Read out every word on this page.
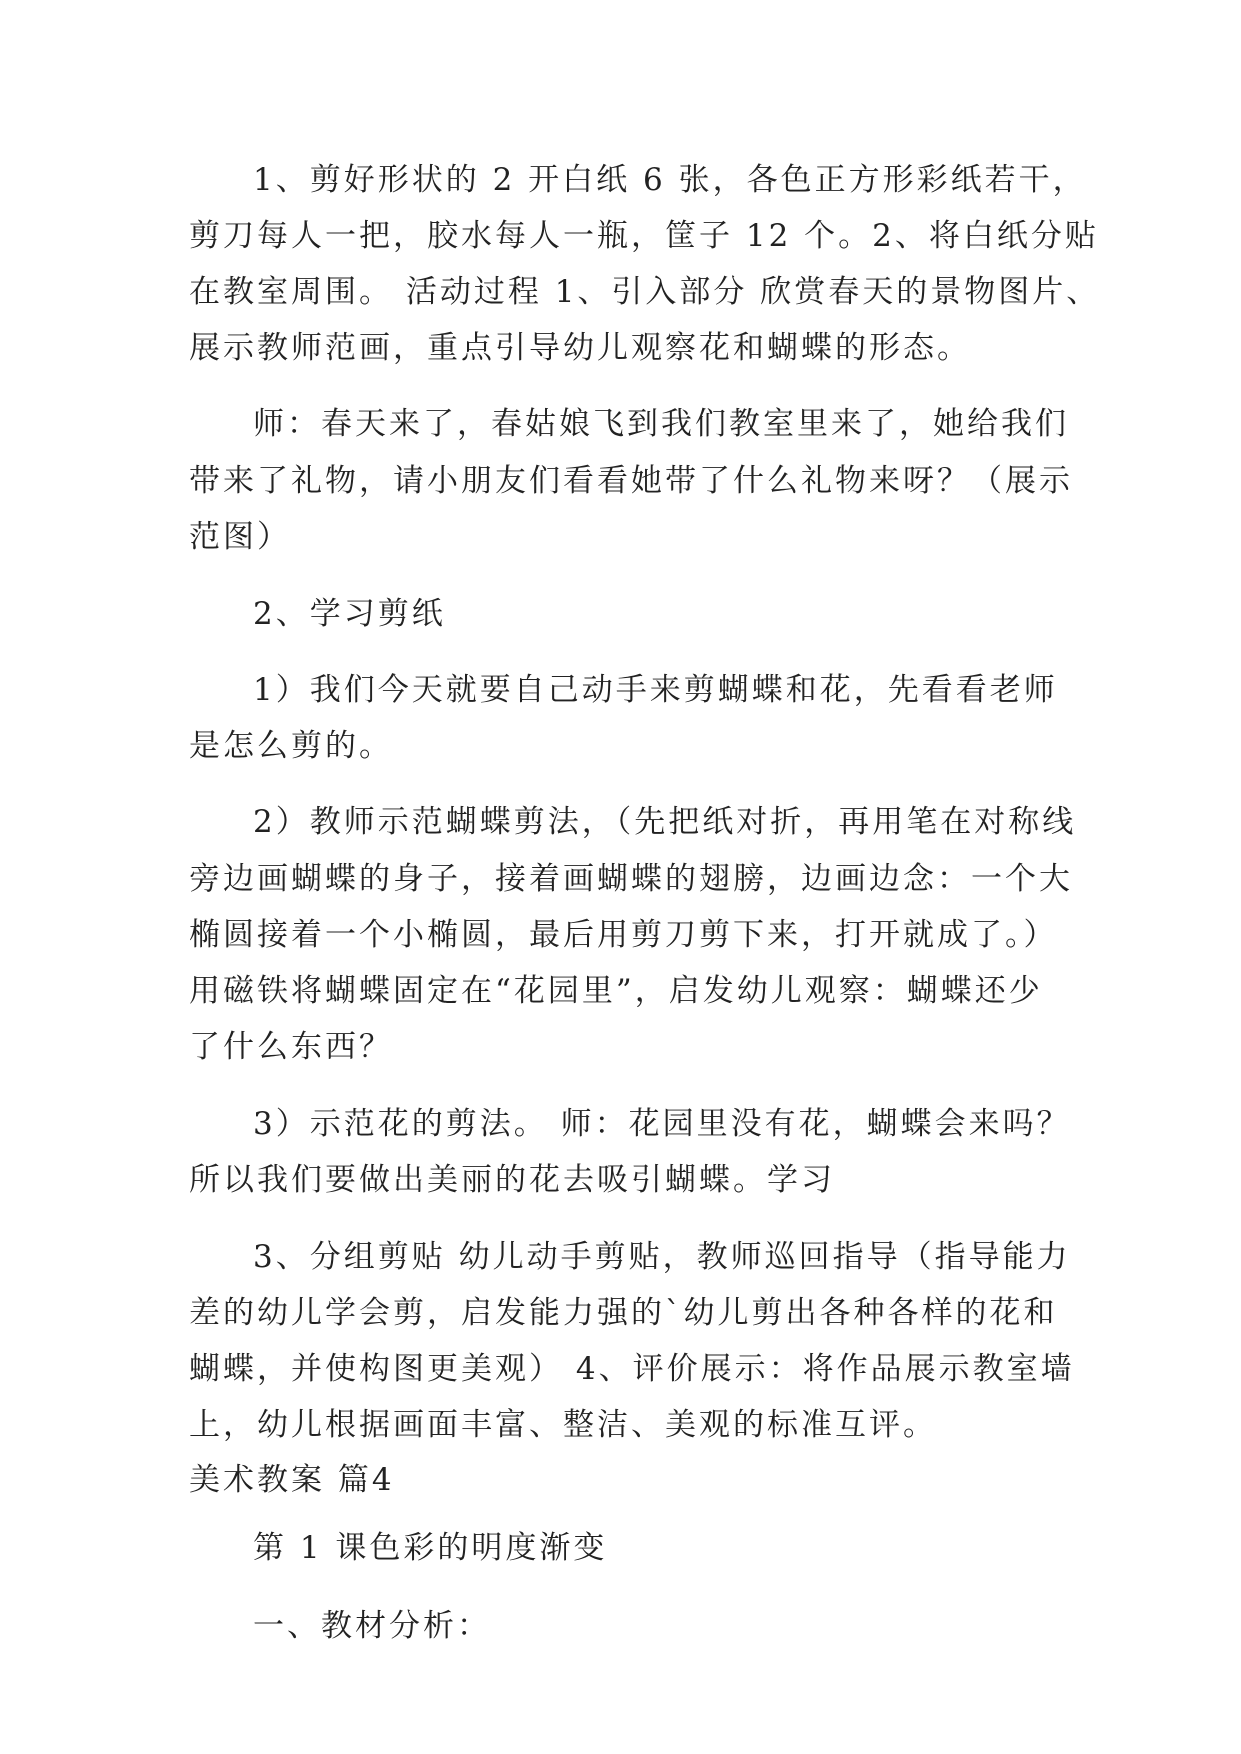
1、剪好形状的 2 开白纸 6 张，各色正方形彩纸若干，
剪刀每人一把，胶水每人一瓶，筐子 12 个。2、将白纸分贴
在教室周围。 活动过程 1、引入部分 欣赏春天的景物图片、
展示教师范画，重点引导幼儿观察花和蝴蝶的形态。
师：春天来了，春姑娘飞到我们教室里来了，她给我们
带来了礼物，请小朋友们看看她带了什么礼物来呀？（展示
范图）
2、学习剪纸
1）我们今天就要自己动手来剪蝴蝶和花，先看看老师
是怎么剪的。
2）教师示范蝴蝶剪法，（先把纸对折，再用笔在对称线
旁边画蝴蝶的身子，接着画蝴蝶的翅膀，边画边念：一个大
椭圆接着一个小椭圆，最后用剪刀剪下来，打开就成了。）
用磁铁将蝴蝶固定在“花园里”，启发幼儿观察：蝴蝶还少
了什么东西？
3）示范花的剪法。 师：花园里没有花，蝴蝶会来吗？
所以我们要做出美丽的花去吸引蝴蝶。学习
3、分组剪贴 幼儿动手剪贴，教师巡回指导（指导能力
差的幼儿学会剪，启发能力强的`幼儿剪出各种各样的花和
蝴蝶，并使构图更美观） 4、评价展示：将作品展示教室墙
上，幼儿根据画面丰富、整洁、美观的标准互评。
美术教案 篇4
第 1 课色彩的明度渐变
一、教材分析：
